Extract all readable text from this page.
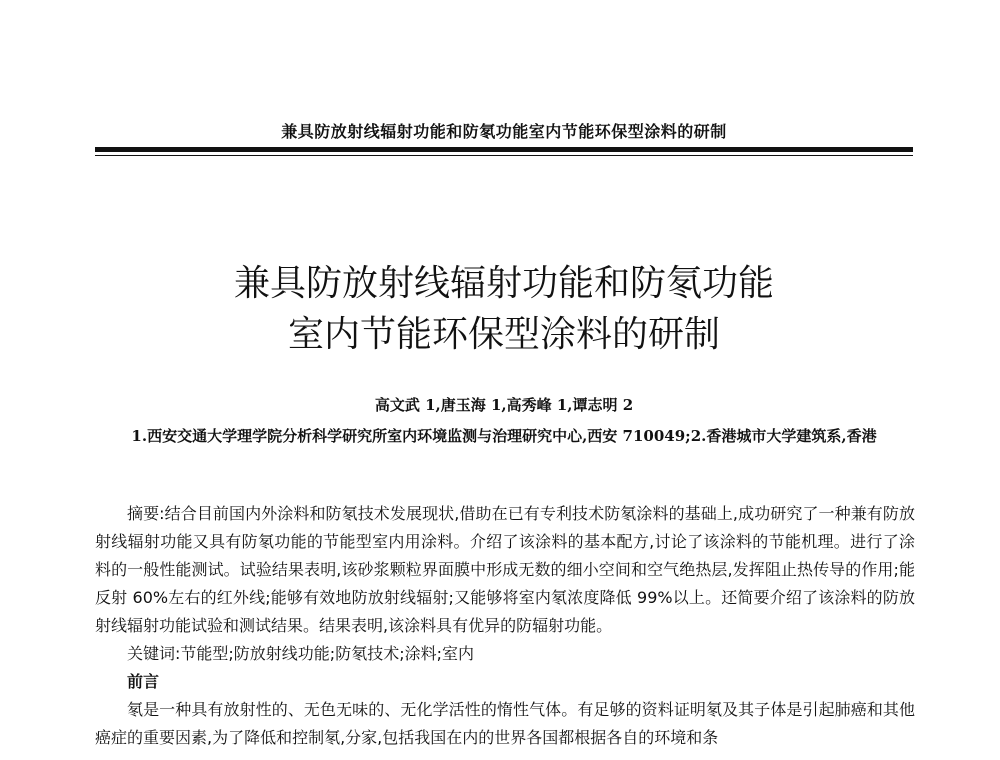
兼具防放射线辐射功能和防氡功能室内节能环保型涂料的研制
兼具防放射线辐射功能和防氡功能
室内节能环保型涂料的研制
高文武 1,唐玉海 1,高秀峰 1,谭志明 2
1.西安交通大学理学院分析科学研究所室内环境监测与治理研究中心,西安 710049;2.香港城市大学建筑系,香港

摘要:结合目前国内外涂料和防氡技术发展现状,借助在已有专利技术防氡涂料的基础上,成功研究了一种兼有防放射线辐射功能又具有防氡功能的节能型室内用涂料。介绍了该涂料的基本配方,讨论了该涂料的节能机理。进行了涂料的一般性能测试。试验结果表明,该砂浆颗粒界面膜中形成无数的细小空间和空气绝热层,发挥阻止热传导的作用;能反射 60%左右的红外线;能够有效地防放射线辐射;又能够将室内氡浓度降低 99%以上。还简要介绍了该涂料的防放射线辐射功能试验和测试结果。结果表明,该涂料具有优异的防辐射功能。

关键词:节能型;防放射线功能;防氡技术;涂料;室内

前言

氡是一种具有放射性的、无色无味的、无化学活性的惰性气体。有足够的资料证明氡及其子体是引起肺癌和其他癌症的重要因素,为了降低和控制氡,分家,包括我国在内的世界各国都根据各自的环境和条
